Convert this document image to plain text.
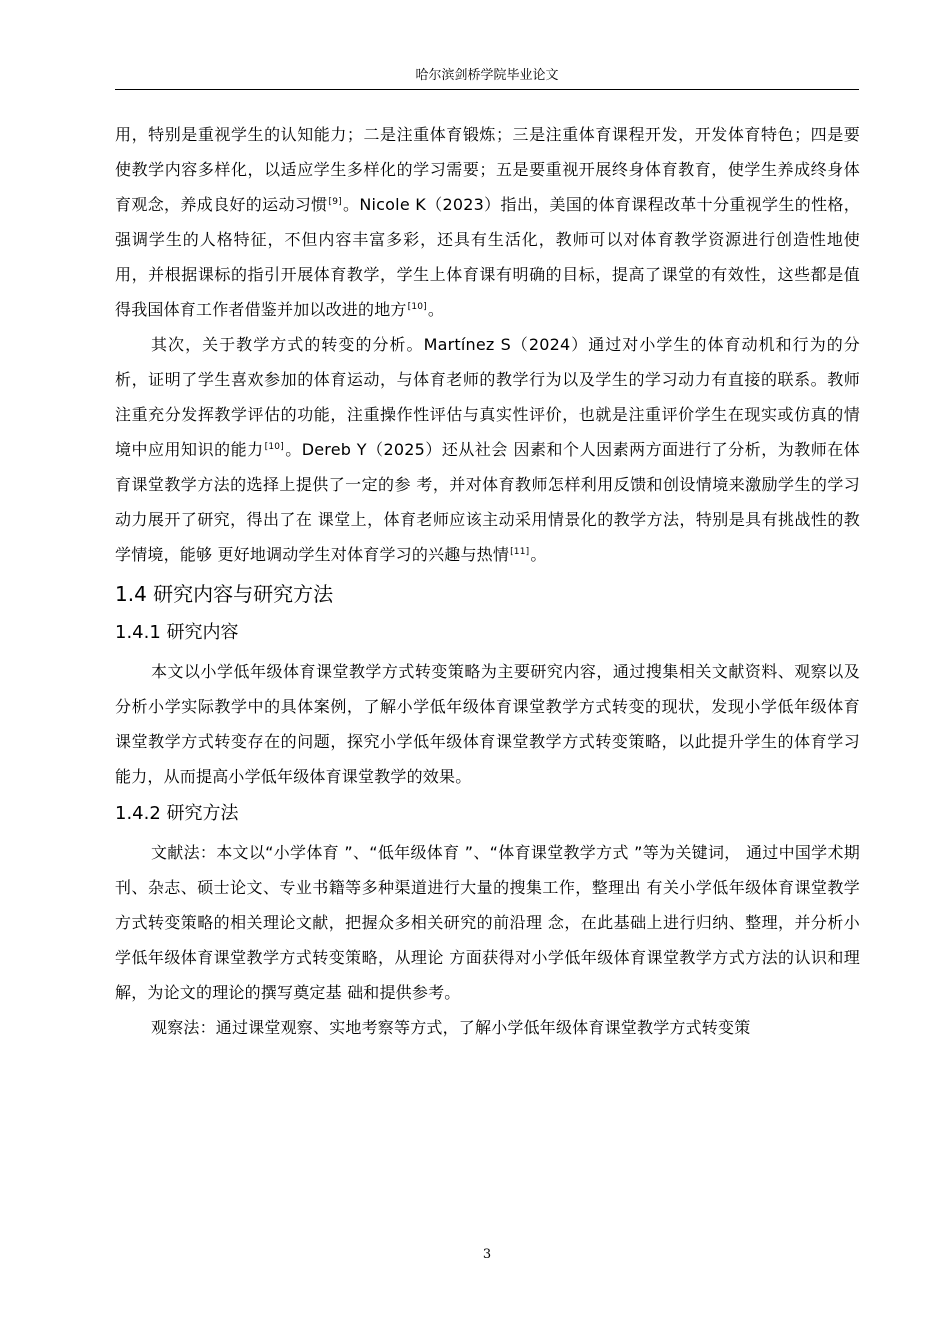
哈尔滨剑桥学院毕业论文

用，特别是重视学生的认知能力；二是注重体育锻炼；三是注重体育课程开发，开发体育特色；四是要使教学内容多样化，以适应学生多样化的学习需要；五是要重视开展终身体育教育，使学生养成终身体育观念，养成良好的运动习惯[9]。Nicole K（2023）指出，美国的体育课程改革十分重视学生的性格，强调学生的人格特征，不但内容丰富多彩，还具有生活化，教师可以对体育教学资源进行创造性地使用，并根据课标的指引开展体育教学，学生上体育课有明确的目标，提高了课堂的有效性，这些都是值得我国体育工作者借鉴并加以改进的地方[10]。

其次，关于教学方式的转变的分析。Martínez S（2024）通过对小学生的体育动机和行为的分析，证明了学生喜欢参加的体育运动，与体育老师的教学行为以及学生的学习动力有直接的联系。教师注重充分发挥教学评估的功能，注重操作性评估与真实性评价，也就是注重评价学生在现实或仿真的情境中应用知识的能力[10]。Dereb Y（2025）还从社会 因素和个人因素两方面进行了分析，为教师在体育课堂教学方法的选择上提供了一定的参 考，并对体育教师怎样利用反馈和创设情境来激励学生的学习动力展开了研究，得出了在 课堂上，体育老师应该主动采用情景化的教学方法，特别是具有挑战性的教学情境，能够 更好地调动学生对体育学习的兴趣与热情[11]。

1.4 研究内容与研究方法
1.4.1 研究内容

本文以小学低年级体育课堂教学方式转变策略为主要研究内容，通过搜集相关文献资料、观察以及分析小学实际教学中的具体案例，了解小学低年级体育课堂教学方式转变的现状，发现小学低年级体育课堂教学方式转变存在的问题，探究小学低年级体育课堂教学方式转变策略，以此提升学生的体育学习能力，从而提高小学低年级体育课堂教学的效果。

1.4.2 研究方法

文献法：本文以“小学体育 ”、“低年级体育 ”、“体育课堂教学方式 ”等为关键词， 通过中国学术期刊、杂志、硕士论文、专业书籍等多种渠道进行大量的搜集工作，整理出 有关小学低年级体育课堂教学方式转变策略的相关理论文献，把握众多相关研究的前沿理 念，在此基础上进行归纳、整理，并分析小学低年级体育课堂教学方式转变策略，从理论 方面获得对小学低年级体育课堂教学方式方法的认识和理解，为论文的理论的撰写奠定基 础和提供参考。

观察法：通过课堂观察、实地考察等方式，了解小学低年级体育课堂教学方式转变策

3
